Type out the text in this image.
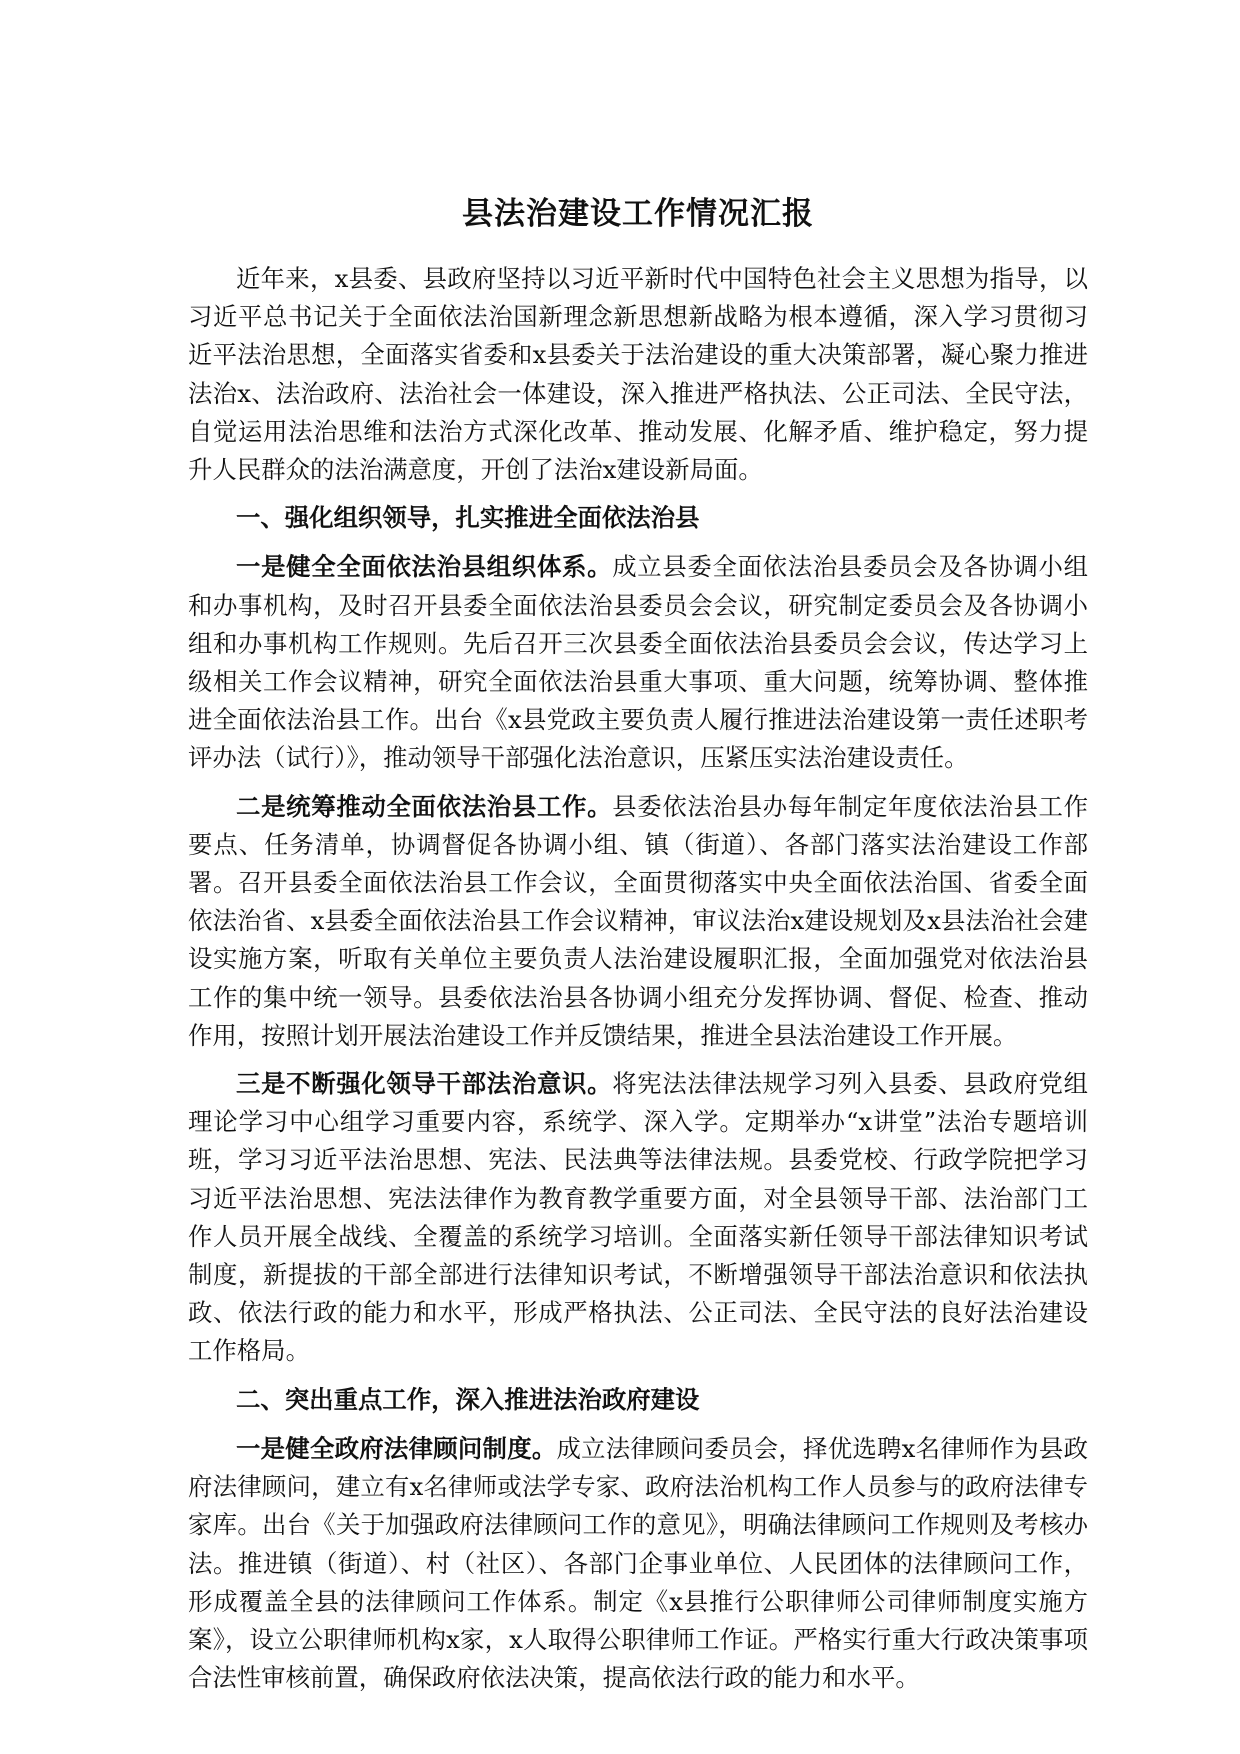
县法治建设工作情况汇报

近年来，x县委、县政府坚持以习近平新时代中国特色社会主义思想为指导，以习近平总书记关于全面依法治国新理念新思想新战略为根本遵循，深入学习贯彻习近平法治思想，全面落实省委和x县委关于法治建设的重大决策部署，凝心聚力推进法治x、法治政府、法治社会一体建设，深入推进严格执法、公正司法、全民守法，自觉运用法治思维和法治方式深化改革、推动发展、化解矛盾、维护稳定，努力提升人民群众的法治满意度，开创了法治x建设新局面。

一、强化组织领导，扎实推进全面依法治县

一是健全全面依法治县组织体系。成立县委全面依法治县委员会及各协调小组和办事机构，及时召开县委全面依法治县委员会会议，研究制定委员会及各协调小组和办事机构工作规则。先后召开三次县委全面依法治县委员会会议，传达学习上级相关工作会议精神，研究全面依法治县重大事项、重大问题，统筹协调、整体推进全面依法治县工作。出台《x县党政主要负责人履行推进法治建设第一责任述职考评办法（试行）》，推动领导干部强化法治意识，压紧压实法治建设责任。

二是统筹推动全面依法治县工作。县委依法治县办每年制定年度依法治县工作要点、任务清单，协调督促各协调小组、镇（街道）、各部门落实法治建设工作部署。召开县委全面依法治县工作会议，全面贯彻落实中央全面依法治国、省委全面依法治省、x县委全面依法治县工作会议精神，审议法治x建设规划及x县法治社会建设实施方案，听取有关单位主要负责人法治建设履职汇报，全面加强党对依法治县工作的集中统一领导。县委依法治县各协调小组充分发挥协调、督促、检查、推动作用，按照计划开展法治建设工作并反馈结果，推进全县法治建设工作开展。

三是不断强化领导干部法治意识。将宪法法律法规学习列入县委、县政府党组理论学习中心组学习重要内容，系统学、深入学。定期举办“x讲堂”法治专题培训班，学习习近平法治思想、宪法、民法典等法律法规。县委党校、行政学院把学习习近平法治思想、宪法法律作为教育教学重要方面，对全县领导干部、法治部门工作人员开展全战线、全覆盖的系统学习培训。全面落实新任领导干部法律知识考试制度，新提拔的干部全部进行法律知识考试，不断增强领导干部法治意识和依法执政、依法行政的能力和水平，形成严格执法、公正司法、全民守法的良好法治建设工作格局。

二、突出重点工作，深入推进法治政府建设

一是健全政府法律顾问制度。成立法律顾问委员会，择优选聘x名律师作为县政府法律顾问，建立有x名律师或法学专家、政府法治机构工作人员参与的政府法律专家库。出台《关于加强政府法律顾问工作的意见》，明确法律顾问工作规则及考核办法。推进镇（街道）、村（社区）、各部门企事业单位、人民团体的法律顾问工作，形成覆盖全县的法律顾问工作体系。制定《x县推行公职律师公司律师制度实施方案》，设立公职律师机构x家，x人取得公职律师工作证。严格实行重大行政决策事项合法性审核前置，确保政府依法决策，提高依法行政的能力和水平。
